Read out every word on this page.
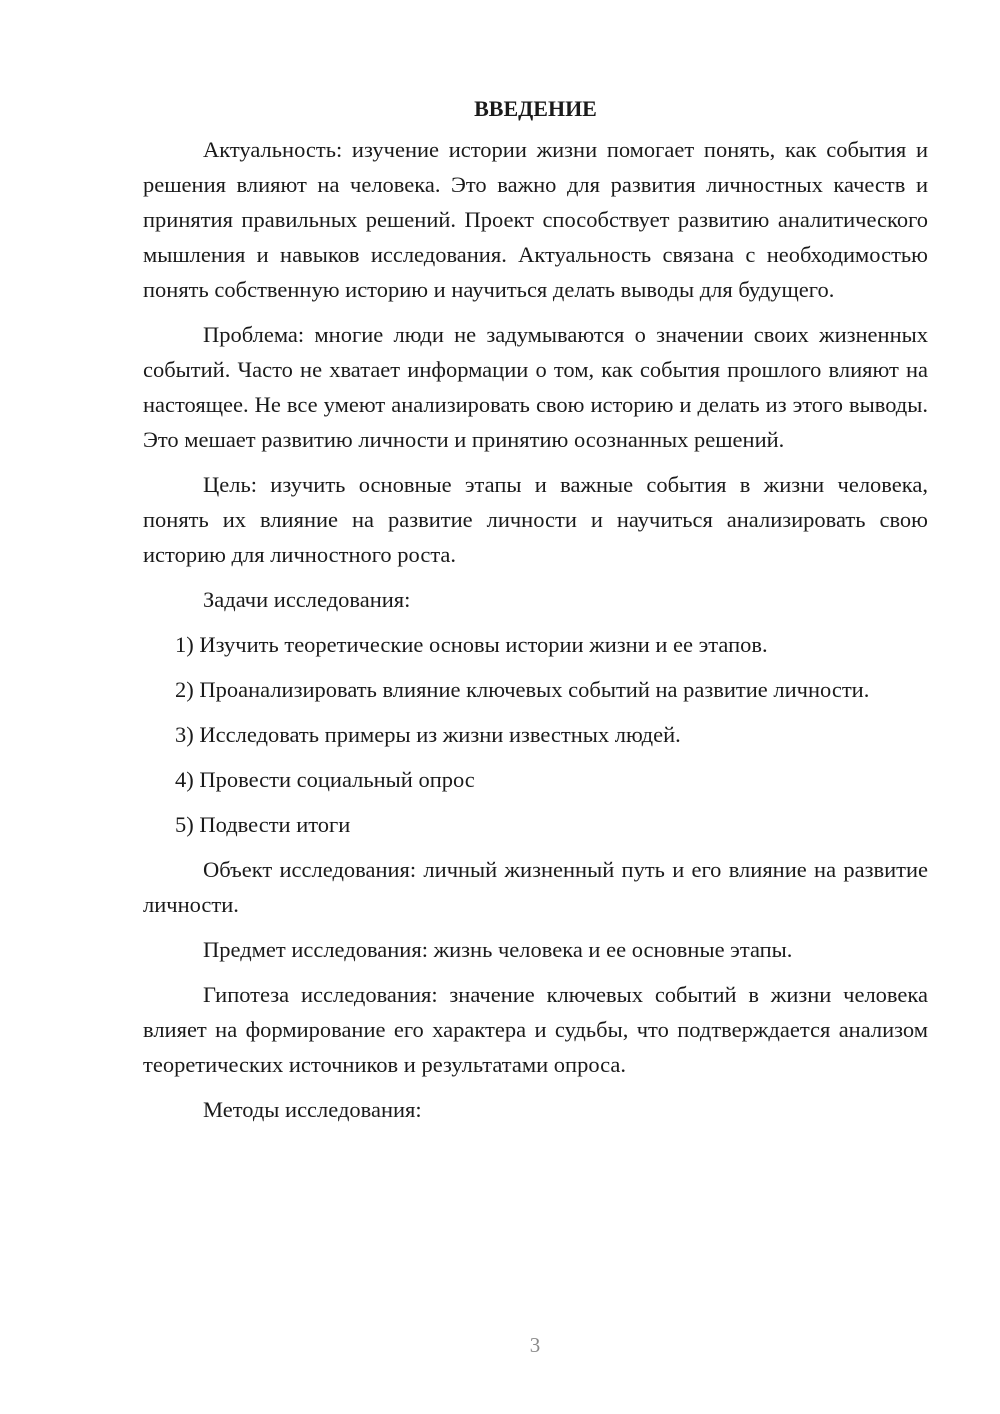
ВВЕДЕНИЕ

Актуальность: изучение истории жизни помогает понять, как события и решения влияют на человека. Это важно для развития личностных качеств и принятия правильных решений. Проект способствует развитию аналитического мышления и навыков исследования. Актуальность связана с необходимостью понять собственную историю и научиться делать выводы для будущего.

Проблема: многие люди не задумываются о значении своих жизненных событий. Часто не хватает информации о том, как события прошлого влияют на настоящее. Не все умеют анализировать свою историю и делать из этого выводы. Это мешает развитию личности и принятию осознанных решений.

Цель: изучить основные этапы и важные события в жизни человека, понять их влияние на развитие личности и научиться анализировать свою историю для личностного роста.

Задачи исследования:

1) Изучить теоретические основы истории жизни и ее этапов.

2) Проанализировать влияние ключевых событий на развитие личности.

3) Исследовать примеры из жизни известных людей.

4) Провести социальный опрос

5) Подвести итоги

Объект исследования: личный жизненный путь и его влияние на развитие личности.

Предмет исследования: жизнь человека и ее основные этапы.

Гипотеза исследования: значение ключевых событий в жизни человека влияет на формирование его характера и судьбы, что подтверждается анализом теоретических источников и результатами опроса.

Методы исследования:

3
